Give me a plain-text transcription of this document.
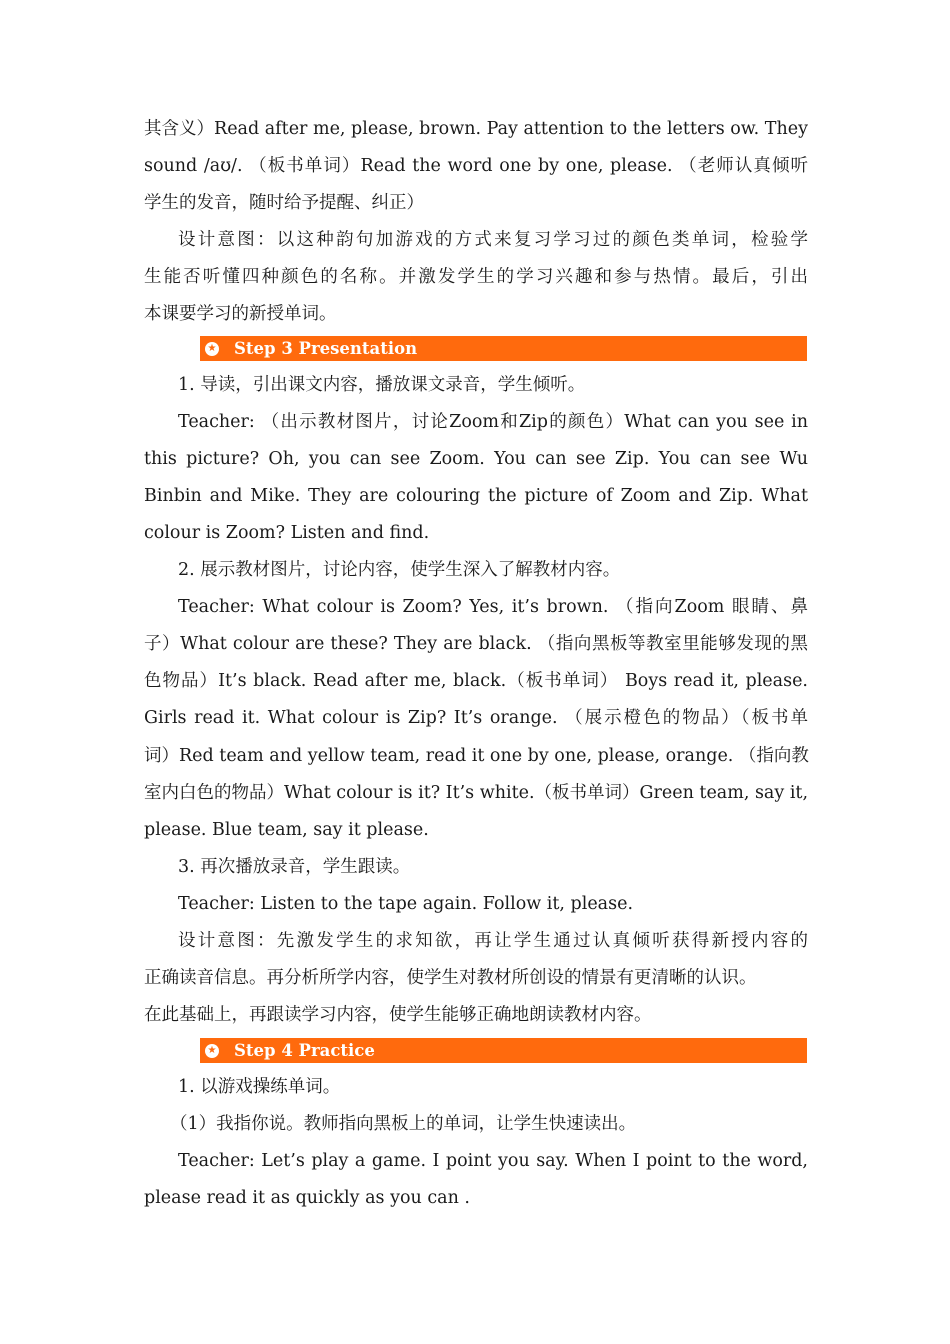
其含义）Read after me, please, brown. Pay attention to the letters ow. They
sound /aʊ/. （板书单词）Read the word one by one, please. （老师认真倾听
学生的发音，随时给予提醒、纠正）
设计意图：以这种韵句加游戏的方式来复习学习过的颜色类单词，检验学
生能否听懂四种颜色的名称。并激发学生的学习兴趣和参与热情。最后，引出
本课要学习的新授单词。
★ Step 3 Presentation
1. 导读，引出课文内容，播放课文录音，学生倾听。
Teacher: （出示教材图片，讨论Zoom和Zip的颜色）What can you see in
this picture? Oh, you can see Zoom. You can see Zip. You can see Wu
Binbin and Mike. They are colouring the picture of Zoom and Zip. What
colour is Zoom? Listen and find.
2. 展示教材图片，讨论内容，使学生深入了解教材内容。
Teacher: What colour is Zoom? Yes, it’s brown. （指向Zoom 眼睛、鼻
子）What colour are these? They are black. （指向黑板等教室里能够发现的黑
色物品）It’s black. Read after me, black.（板书单词） Boys read it, please.
Girls read it. What colour is Zip? It’s orange. （展示橙色的物品）（板书单
词）Red team and yellow team, read it one by one, please, orange. （指向教
室内白色的物品）What colour is it? It’s white.（板书单词）Green team, say it,
please. Blue team, say it please.
3. 再次播放录音，学生跟读。
Teacher: Listen to the tape again. Follow it, please.
设计意图：先激发学生的求知欲，再让学生通过认真倾听获得新授内容的
正确读音信息。再分析所学内容，使学生对教材所创设的情景有更清晰的认识。
在此基础上，再跟读学习内容，使学生能够正确地朗读教材内容。
★ Step 4 Practice
1. 以游戏操练单词。
（1）我指你说。教师指向黑板上的单词，让学生快速读出。
Teacher: Let’s play a game. I point you say. When I point to the word,
please read it as quickly as you can .
